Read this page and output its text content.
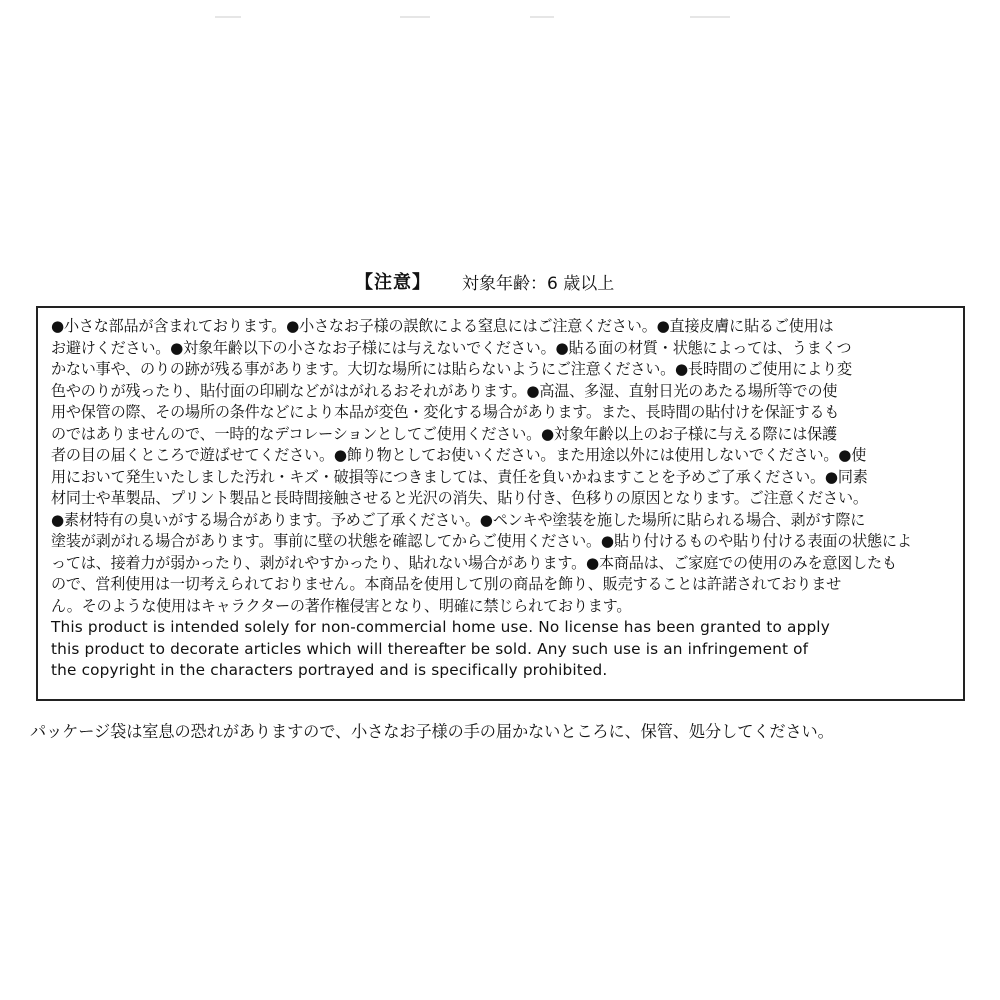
【注意】 対象年齢：6 歳以上
●小さな部品が含まれております。●小さなお子様の誤飲による窒息にはご注意ください。●直接皮膚に貼るご使用は
お避けください。●対象年齢以下の小さなお子様には与えないでください。●貼る面の材質・状態によっては、うまくつ
かない事や、のりの跡が残る事があります。大切な場所には貼らないようにご注意ください。●長時間のご使用により変
色やのりが残ったり、貼付面の印刷などがはがれるおそれがあります。●高温、多湿、直射日光のあたる場所等での使
用や保管の際、その場所の条件などにより本品が変色・変化する場合があります。また、長時間の貼付けを保証するも
のではありませんので、一時的なデコレーションとしてご使用ください。●対象年齢以上のお子様に与える際には保護
者の目の届くところで遊ばせてください。●飾り物としてお使いください。また用途以外には使用しないでください。●使
用において発生いたしました汚れ・キズ・破損等につきましては、責任を負いかねますことを予めご了承ください。●同素
材同士や革製品、プリント製品と長時間接触させると光沢の消失、貼り付き、色移りの原因となります。ご注意ください。
●素材特有の臭いがする場合があります。予めご了承ください。●ペンキや塗装を施した場所に貼られる場合、剥がす際に
塗装が剥がれる場合があります。事前に壁の状態を確認してからご使用ください。●貼り付けるものや貼り付ける表面の状態によ
っては、接着力が弱かったり、剥がれやすかったり、貼れない場合があります。●本商品は、ご家庭での使用のみを意図したも
ので、営利使用は一切考えられておりません。本商品を使用して別の商品を飾り、販売することは許諾されておりませ
ん。そのような使用はキャラクターの著作権侵害となり、明確に禁じられております。
This product is intended solely for non-commercial home use. No license has been granted to apply
this product to decorate articles which will thereafter be sold. Any such use is an infringement of
the copyright in the characters portrayed and is specifically prohibited.
パッケージ袋は室息の恐れがありますので、小さなお子様の手の届かないところに、保管、処分してください。
